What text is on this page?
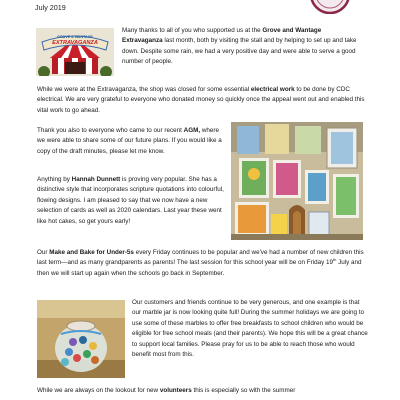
July 2019
GROVE & WANTAGE
EXTRAVAGANZA

Many thanks to all of you who supported us at the Grove and Wantage Extravaganza last month, both by visiting the stall and by helping to set up and take down. Despite some rain, we had a very positive day and were able to serve a good number of people.

While we were at the Extravaganza, the shop was closed for some essential electrical work to be done by CDC electrical. We are very grateful to everyone who donated money so quickly once the appeal went out and enabled this vital work to go ahead.

Thank you also to everyone who came to our recent AGM, where we were able to share some of our future plans. If you would like a copy of the draft minutes, please let me know.

Anything by Hannah Dunnett is proving very popular. She has a distinctive style that incorporates scripture quotations into colourful, flowing designs. I am pleased to say that we now have a new selection of cards as well as 2020 calendars. Last year these went like hot cakes, so get yours early!

Our Make and Bake for Under-5s every Friday continues to be popular and we've had a number of new children this last term—and as many grandparents as parents! The last session for this school year will be on Friday 19th July and then we will start up again when the schools go back in September.

Our customers and friends continue to be very generous, and one example is that our marble jar is now looking quite full! During the summer holidays we are going to use some of these marbles to offer free breakfasts to school children who would be eligible for free school meals (and their parents). We hope this will be a great chance to support local families. Please pray for us to be able to reach those who would benefit most from this.

While we are always on the lookout for new volunteers this is especially so with the summer
